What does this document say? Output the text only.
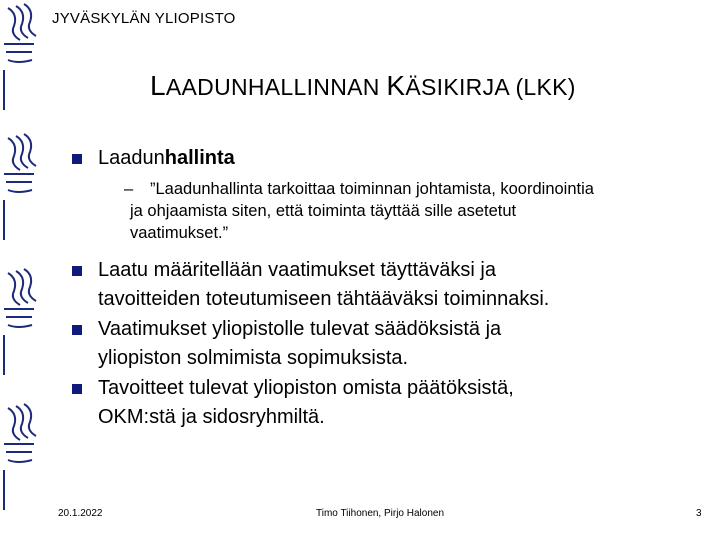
JYVÄSKYLÄN YLIOPISTO
LAADUNHALLINNAN KÄSIKIRJA (LKK)
Laadunhallinta
–	”Laadunhallinta tarkoittaa toiminnan johtamista, koordinointia
ja ohjaamista siten, että toiminta täyttää sille asetetut
vaatimukset.”
Laatu määritellään vaatimukset täyttäväksi ja
tavoitteiden toteutumiseen tähtääväksi toiminnaksi.
Vaatimukset yliopistolle tulevat säädöksistä ja
yliopiston solmimista sopimuksista.
Tavoitteet tulevat yliopiston omista päätöksistä,
OKM:stä ja sidosryhmiltä.
20.1.2022	Timo Tiihonen, Pirjo Halonen	3
